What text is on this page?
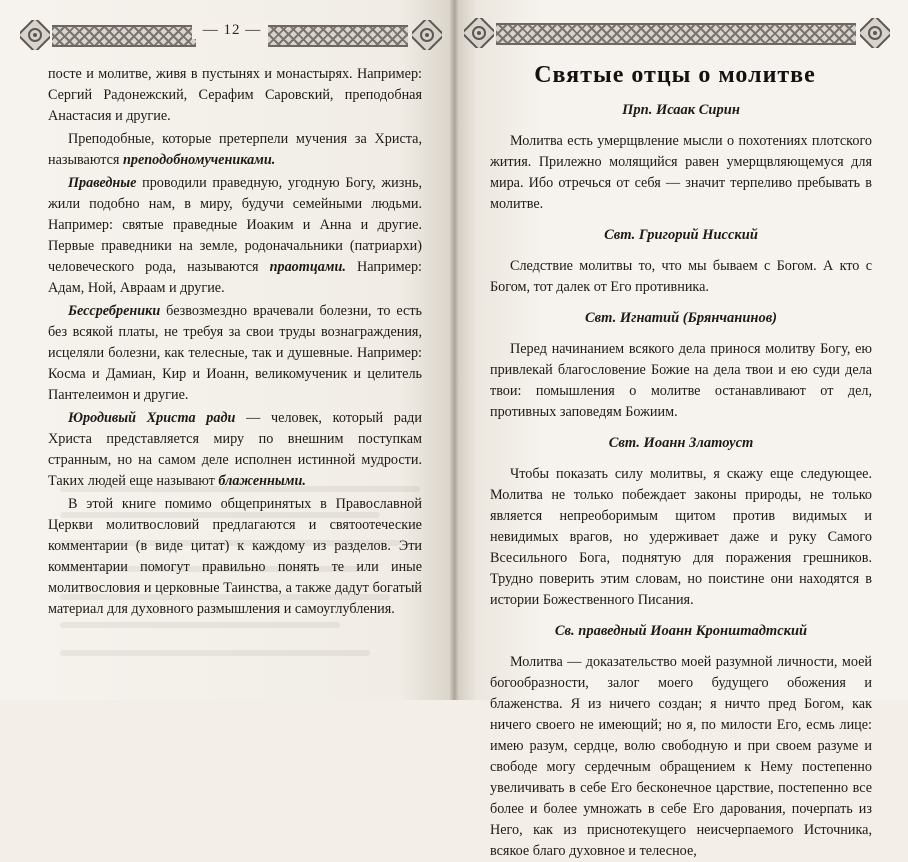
— 12 —

посте и молитве, живя в пустынях и монастырях. Например: Сергий Радонежский, Серафим Саровский, преподобная Анастасия и другие.

Преподобные, которые претерпели мучения за Христа, называются преподобномучениками.

Праведные проводили праведную, угодную Богу, жизнь, жили подобно нам, в миру, будучи семейными людьми. Например: святые праведные Иоаким и Анна и другие. Первые праведники на земле, родоначальники (патриархи) человеческого рода, называются праотцами. Например: Адам, Ной, Авраам и другие.

Бессребреники безвозмездно врачевали болезни, то есть без всякой платы, не требуя за свои труды вознаграждения, исцеляли болезни, как телесные, так и душевные. Например: Косма и Дамиан, Кир и Иоанн, великомученик и целитель Пантелеимон и другие.

Юродивый Христа ради — человек, который ради Христа представляется миру по внешним поступкам странным, но на самом деле исполнен истинной мудрости. Таких людей еще называют блаженными.

В этой книге помимо общепринятых в Православной Церкви молитвословий предлагаются и святоотеческие комментарии (в виде цитат) к каждому из разделов. Эти комментарии помогут правильно понять те или иные молитвословия и церковные Таинства, а также дадут богатый материал для духовного размышления и самоуглубления.

Святые отцы о молитве
Прп. Исаак Сирин

Молитва есть умерщвление мысли о похотениях плотского жития. Прилежно молящийся равен умерщвляющемуся для мира. Ибо отречься от себя — значит терпеливо пребывать в молитве.

Свт. Григорий Нисский

Следствие молитвы то, что мы бываем с Богом. А кто с Богом, тот далек от Его противника.

Свт. Игнатий (Брянчанинов)

Перед начинанием всякого дела принося молитву Богу, ею привлекай благословение Божие на дела твои и ею суди дела твои: помышления о молитве останавливают от дел, противных заповедям Божиим.

Свт. Иоанн Златоуст

Чтобы показать силу молитвы, я скажу еще следующее. Молитва не только побеждает законы природы, не только является непреоборимым щитом против видимых и невидимых врагов, но удерживает даже и руку Самого Всесильного Бога, поднятую для поражения грешников. Трудно поверить этим словам, но поистине они находятся в истории Божественного Писания.

Св. праведный Иоанн Кронштадтский

Молитва — доказательство моей разумной личности, моей богообразности, залог моего будущего обожения и блаженства. Я из ничего создан; я ничто пред Богом, как ничего своего не имеющий; но я, по милости Его, есмь лице: имею разум, сердце, волю свободную и при своем разуме и свободе могу сердечным обращением к Нему постепенно увеличивать в себе Его бесконечное царствие, постепенно все более и более умножать в себе Его дарования, почерпать из Него, как из приснотекущего неисчерпаемого Источника, всякое благо духовное и телесное,
